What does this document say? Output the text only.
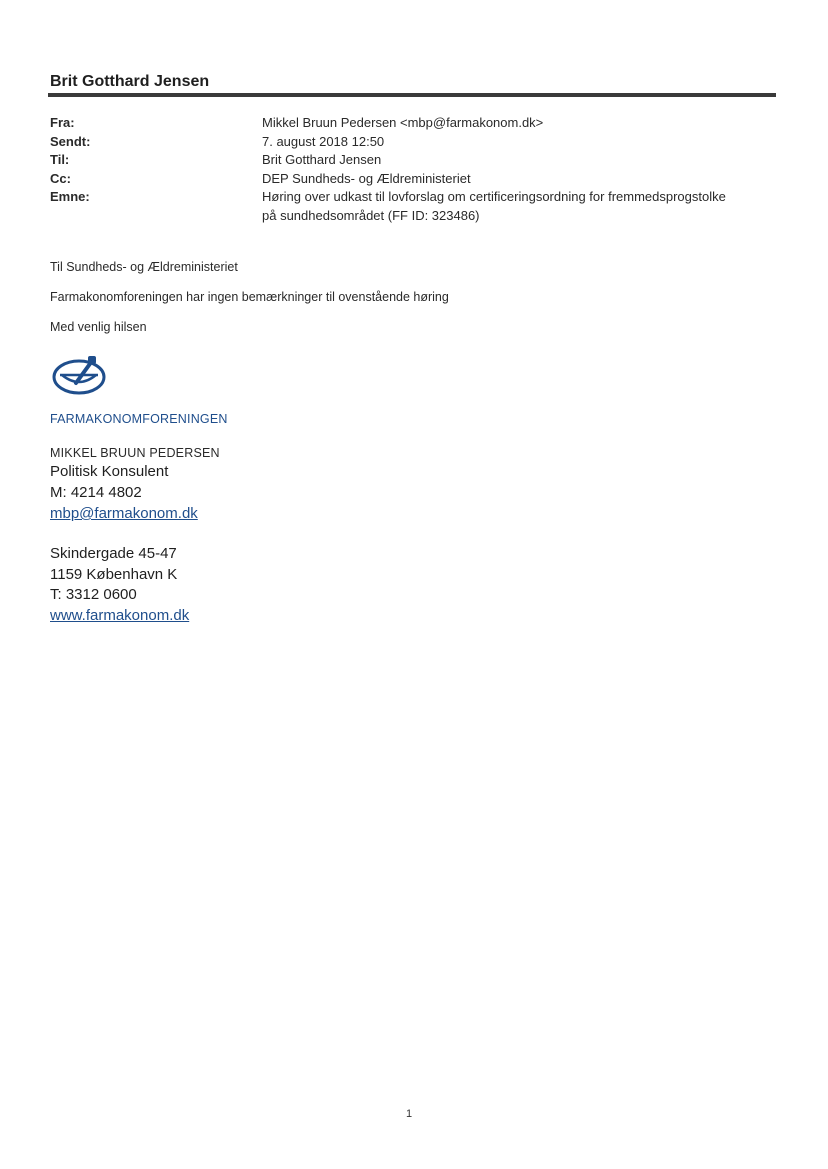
Brit Gotthard Jensen
Fra:	Mikkel Bruun Pedersen <mbp@farmakonom.dk>
Sendt:	7. august 2018 12:50
Til:	Brit Gotthard Jensen
Cc:	DEP Sundheds- og Ældreministeriet
Emne:	Høring over udkast til lovforslag om certificeringsordning for fremmedsprogstolke
på sundhedsområdet (FF ID: 323486)
Til Sundheds- og Ældreministeriet
Farmakonomforeningen har ingen bemærkninger til ovenstående høring
Med venlig hilsen
FARMAKONOMFORENINGEN
MIKKEL BRUUN PEDERSEN
Politisk Konsulent
M: 4214 4802
mbp@farmakonom.dk
Skindergade 45-47
1159 København K
T: 3312 0600
www.farmakonom.dk
1
